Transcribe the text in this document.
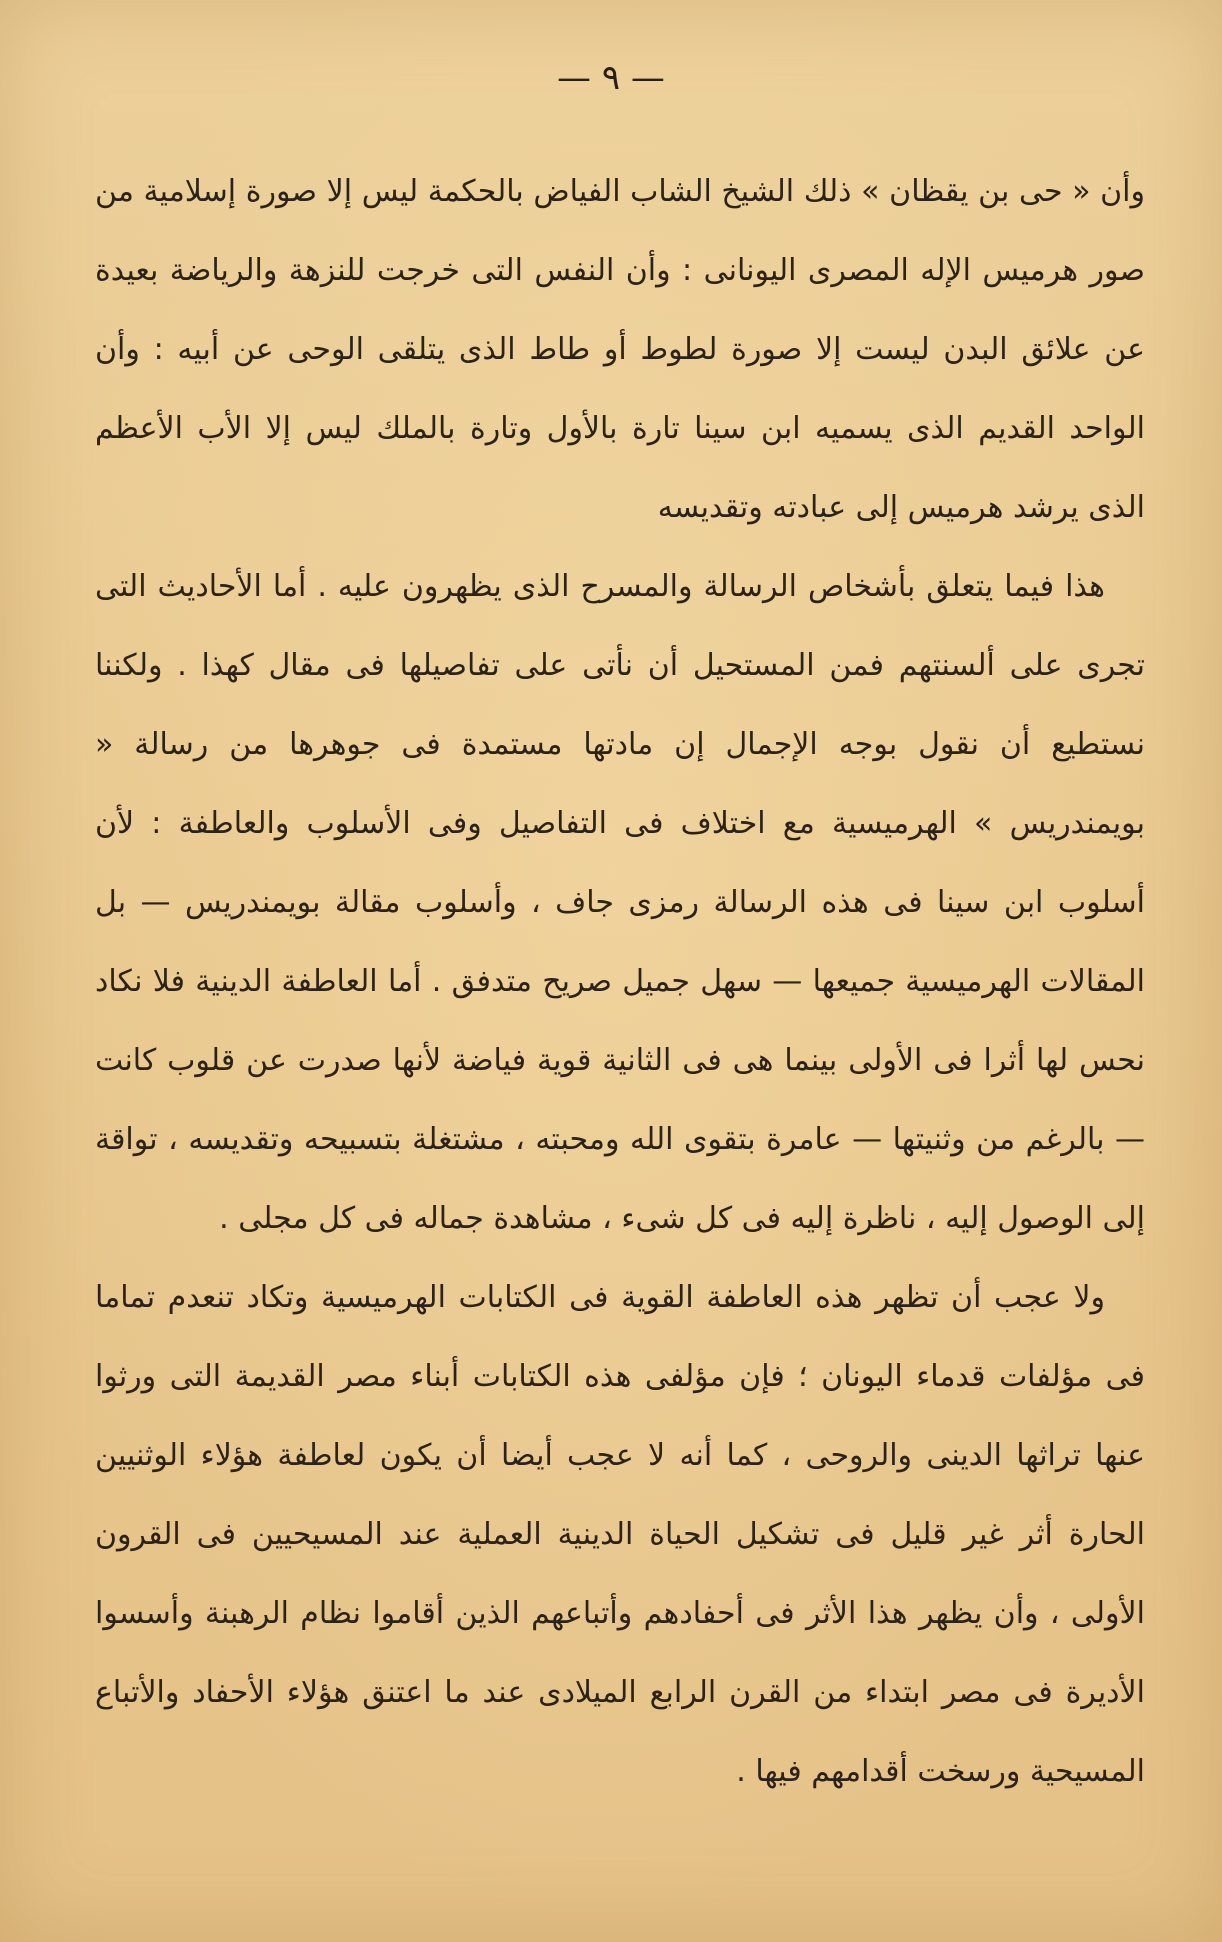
— ٩ —

وأن « حى بن يقظان » ذلك الشيخ الشاب الفياض بالحكمة ليس إلا صورة إسلامية من صور هرميس الإله المصرى اليونانى : وأن النفس التى خرجت للنزهة والرياضة بعيدة عن علائق البدن ليست إلا صورة لطوط أو طاط الذى يتلقى الوحى عن أبيه : وأن الواحد القديم الذى يسميه ابن سينا تارة بالأول وتارة بالملك ليس إلا الأب الأعظم الذى يرشد هرميس إلى عبادته وتقديسه

هذا فيما يتعلق بأشخاص الرسالة والمسرح الذى يظهرون عليه . أما الأحاديث التى تجرى على ألسنتهم فمن المستحيل أن نأتى على تفاصيلها فى مقال كهذا . ولكننا نستطيع أن نقول بوجه الإجمال إن مادتها مستمدة فى جوهرها من رسالة « بويمندريس » الهرميسية مع اختلاف فى التفاصيل وفى الأسلوب والعاطفة : لأن أسلوب ابن سينا فى هذه الرسالة رمزى جاف ، وأسلوب مقالة بويمندريس — بل المقالات الهرميسية جميعها — سهل جميل صريح متدفق . أما العاطفة الدينية فلا نكاد نحس لها أثرا فى الأولى بينما هى فى الثانية قوية فياضة لأنها صدرت عن قلوب كانت — بالرغم من وثنيتها — عامرة بتقوى الله ومحبته ، مشتغلة بتسبيحه وتقديسه ، تواقة إلى الوصول إليه ، ناظرة إليه فى كل شىء ، مشاهدة جماله فى كل مجلى .

ولا عجب أن تظهر هذه العاطفة القوية فى الكتابات الهرميسية وتكاد تنعدم تماما فى مؤلفات قدماء اليونان ؛ فإن مؤلفى هذه الكتابات أبناء مصر القديمة التى ورثوا عنها تراثها الدينى والروحى ، كما أنه لا عجب أيضا أن يكون لعاطفة هؤلاء الوثنيين الحارة أثر غير قليل فى تشكيل الحياة الدينية العملية عند المسيحيين فى القرون الأولى ، وأن يظهر هذا الأثر فى أحفادهم وأتباعهم الذين أقاموا نظام الرهبنة وأسسوا الأديرة فى مصر ابتداء من القرن الرابع الميلادى عند ما اعتنق هؤلاء الأحفاد والأتباع المسيحية ورسخت أقدامهم فيها .
